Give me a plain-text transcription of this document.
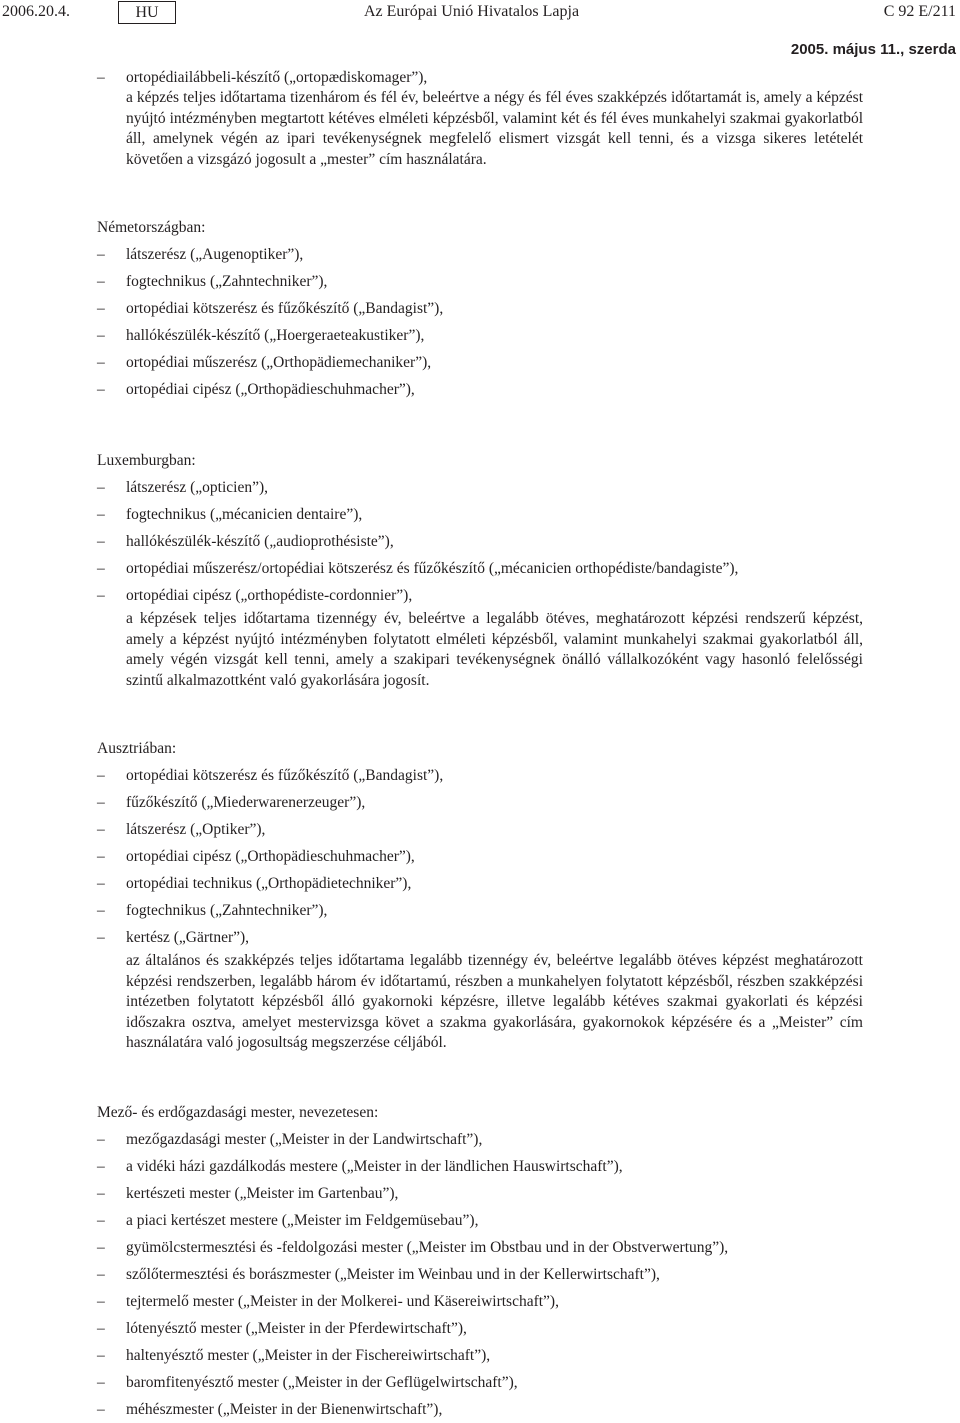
2006.20.4.	HU	Az Európai Unió Hivatalos Lapja	C 92 E/211
2005. május 11., szerda
– ortopédiailábbeli-készítő („ortopædiskomager”),
a képzés teljes időtartama tizenhárom és fél év, beleértve a négy és fél éves szakképzés időtartamát is, amely a képzést nyújtó intézményben megtartott kétéves elméleti képzésből, valamint két és fél éves munkahelyi szakmai gyakorlatból áll, amelynek végén az ipari tevékenységnek megfelelő elismert vizsgát kell tenni, és a vizsga sikeres letételét követően a vizsgázó jogosult a „mester” cím használatára.
Németországban:
– látszerész („Augenoptiker”),
– fogtechnikus („Zahntechniker”),
– ortopédiai kötszerész és fűzőkészítő („Bandagist”),
– hallókészülék-készítő („Hoergeraeteakustiker”),
– ortopédiai műszerész („Orthopädiemechaniker”),
– ortopédiai cipész („Orthopädieschuhmacher”),
Luxemburgban:
– látszerész („opticien”),
– fogtechnikus („mécanicien dentaire”),
– hallókészülék-készítő („audioprothésiste”),
– ortopédiai műszerész/ortopédiai kötszerész és fűzőkészítő („mécanicien orthopédiste/bandagiste”),
– ortopédiai cipész („orthopédiste-cordonnier”),
a képzések teljes időtartama tizennégy év, beleértve a legalább ötéves, meghatározott képzési rendszerű képzést, amely a képzést nyújtó intézményben folytatott elméleti képzésből, valamint munkahelyi szakmai gyakorlatból áll, amely végén vizsgát kell tenni, amely a szakipari tevékenységnek önálló vállalkozóként vagy hasonló felelősségi szintű alkalmazottként való gyakorlására jogosít.
Ausztriában:
– ortopédiai kötszerész és fűzőkészítő („Bandagist”),
– fűzőkészítő („Miederwarenerzeuger”),
– látszerész („Optiker”),
– ortopédiai cipész („Orthopädieschuhmacher”),
– ortopédiai technikus („Orthopädietechniker”),
– fogtechnikus („Zahntechniker”),
– kertész („Gärtner”),
az általános és szakképzés teljes időtartama legalább tizennégy év, beleértve legalább ötéves képzést meghatározott képzési rendszerben, legalább három év időtartamú, részben a munkahelyen folytatott képzésből, részben szakképzési intézetben folytatott képzésből álló gyakornoki képzésre, illetve legalább kétéves szakmai gyakorlati és képzési időszakra osztva, amelyet mestervizsga követ a szakma gyakorlására, gyakornokok képzésére és a „Meister” cím használatára való jogosultság megszerzése céljából.
Mező- és erdőgazdasági mester, nevezetesen:
– mezőgazdasági mester („Meister in der Landwirtschaft”),
– a vidéki házi gazdálkodás mestere („Meister in der ländlichen Hauswirtschaft”),
– kertészeti mester („Meister im Gartenbau”),
– a piaci kertészet mestere („Meister im Feldgemüsebau”),
– gyümölcstermesztési és -feldolgozási mester („Meister im Obstbau und in der Obstverwertung”),
– szőlőtermesztési és borászmester („Meister im Weinbau und in der Kellerwirtschaft”),
– tejtermelő mester („Meister in der Molkerei- und Käsereiwirtschaft”),
– lótenyésztő mester („Meister in der Pferdewirtschaft”),
– haltenyésztő mester („Meister in der Fischereiwirtschaft”),
– baromfitenyésztő mester („Meister in der Geflügelwirtschaft”),
– méhészmester („Meister in der Bienenwirtschaft”),
